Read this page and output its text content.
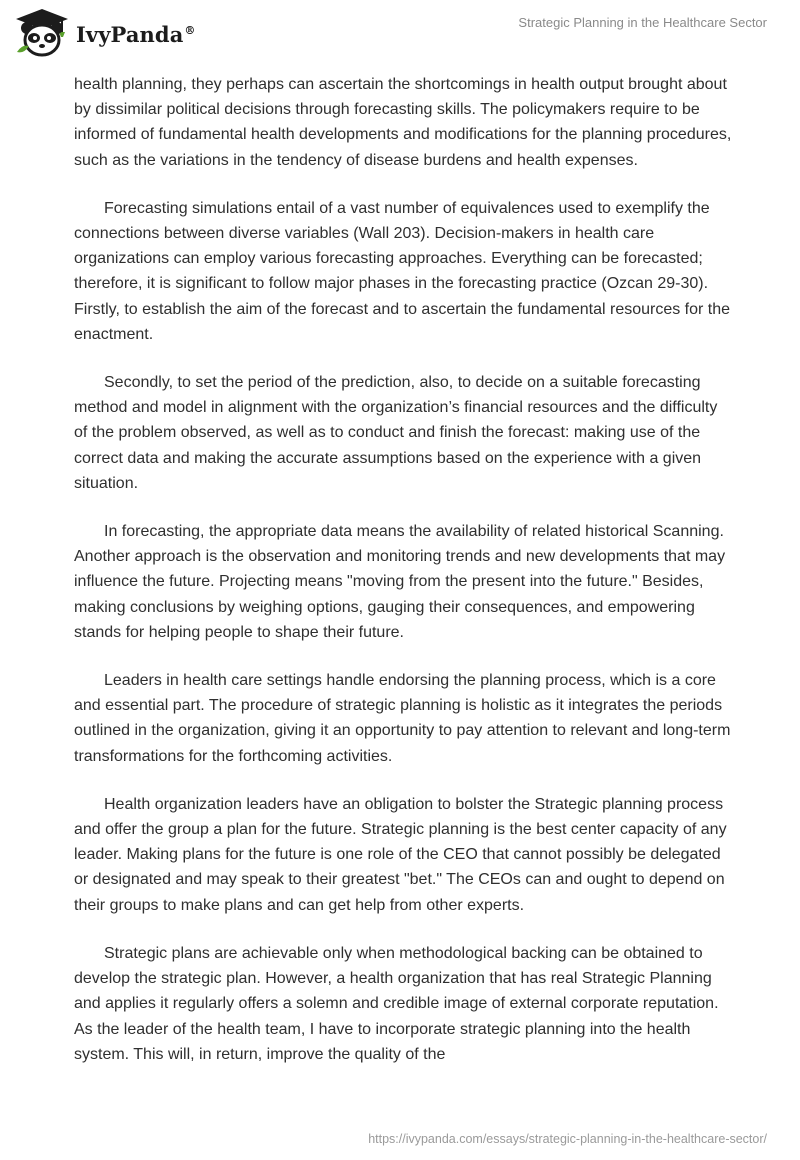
IvyPanda®	Strategic Planning in the Healthcare Sector

health planning, they perhaps can ascertain the shortcomings in health output brought about by dissimilar political decisions through forecasting skills. The policymakers require to be informed of fundamental health developments and modifications for the planning procedures, such as the variations in the tendency of disease burdens and health expenses.

Forecasting simulations entail of a vast number of equivalences used to exemplify the connections between diverse variables (Wall 203). Decision-makers in health care organizations can employ various forecasting approaches. Everything can be forecasted; therefore, it is significant to follow major phases in the forecasting practice (Ozcan 29-30). Firstly, to establish the aim of the forecast and to ascertain the fundamental resources for the enactment.

Secondly, to set the period of the prediction, also, to decide on a suitable forecasting method and model in alignment with the organization’s financial resources and the difficulty of the problem observed, as well as to conduct and finish the forecast: making use of the correct data and making the accurate assumptions based on the experience with a given situation.

In forecasting, the appropriate data means the availability of related historical Scanning. Another approach is the observation and monitoring trends and new developments that may influence the future. Projecting means "moving from the present into the future." Besides, making conclusions by weighing options, gauging their consequences, and empowering stands for helping people to shape their future.

Leaders in health care settings handle endorsing the planning process, which is a core and essential part. The procedure of strategic planning is holistic as it integrates the periods outlined in the organization, giving it an opportunity to pay attention to relevant and long-term transformations for the forthcoming activities.

Health organization leaders have an obligation to bolster the Strategic planning process and offer the group a plan for the future. Strategic planning is the best center capacity of any leader. Making plans for the future is one role of the CEO that cannot possibly be delegated or designated and may speak to their greatest "bet." The CEOs can and ought to depend on their groups to make plans and can get help from other experts.

Strategic plans are achievable only when methodological backing can be obtained to develop the strategic plan. However, a health organization that has real Strategic Planning and applies it regularly offers a solemn and credible image of external corporate reputation. As the leader of the health team, I have to incorporate strategic planning into the health system. This will, in return, improve the quality of the

https://ivypanda.com/essays/strategic-planning-in-the-healthcare-sector/
